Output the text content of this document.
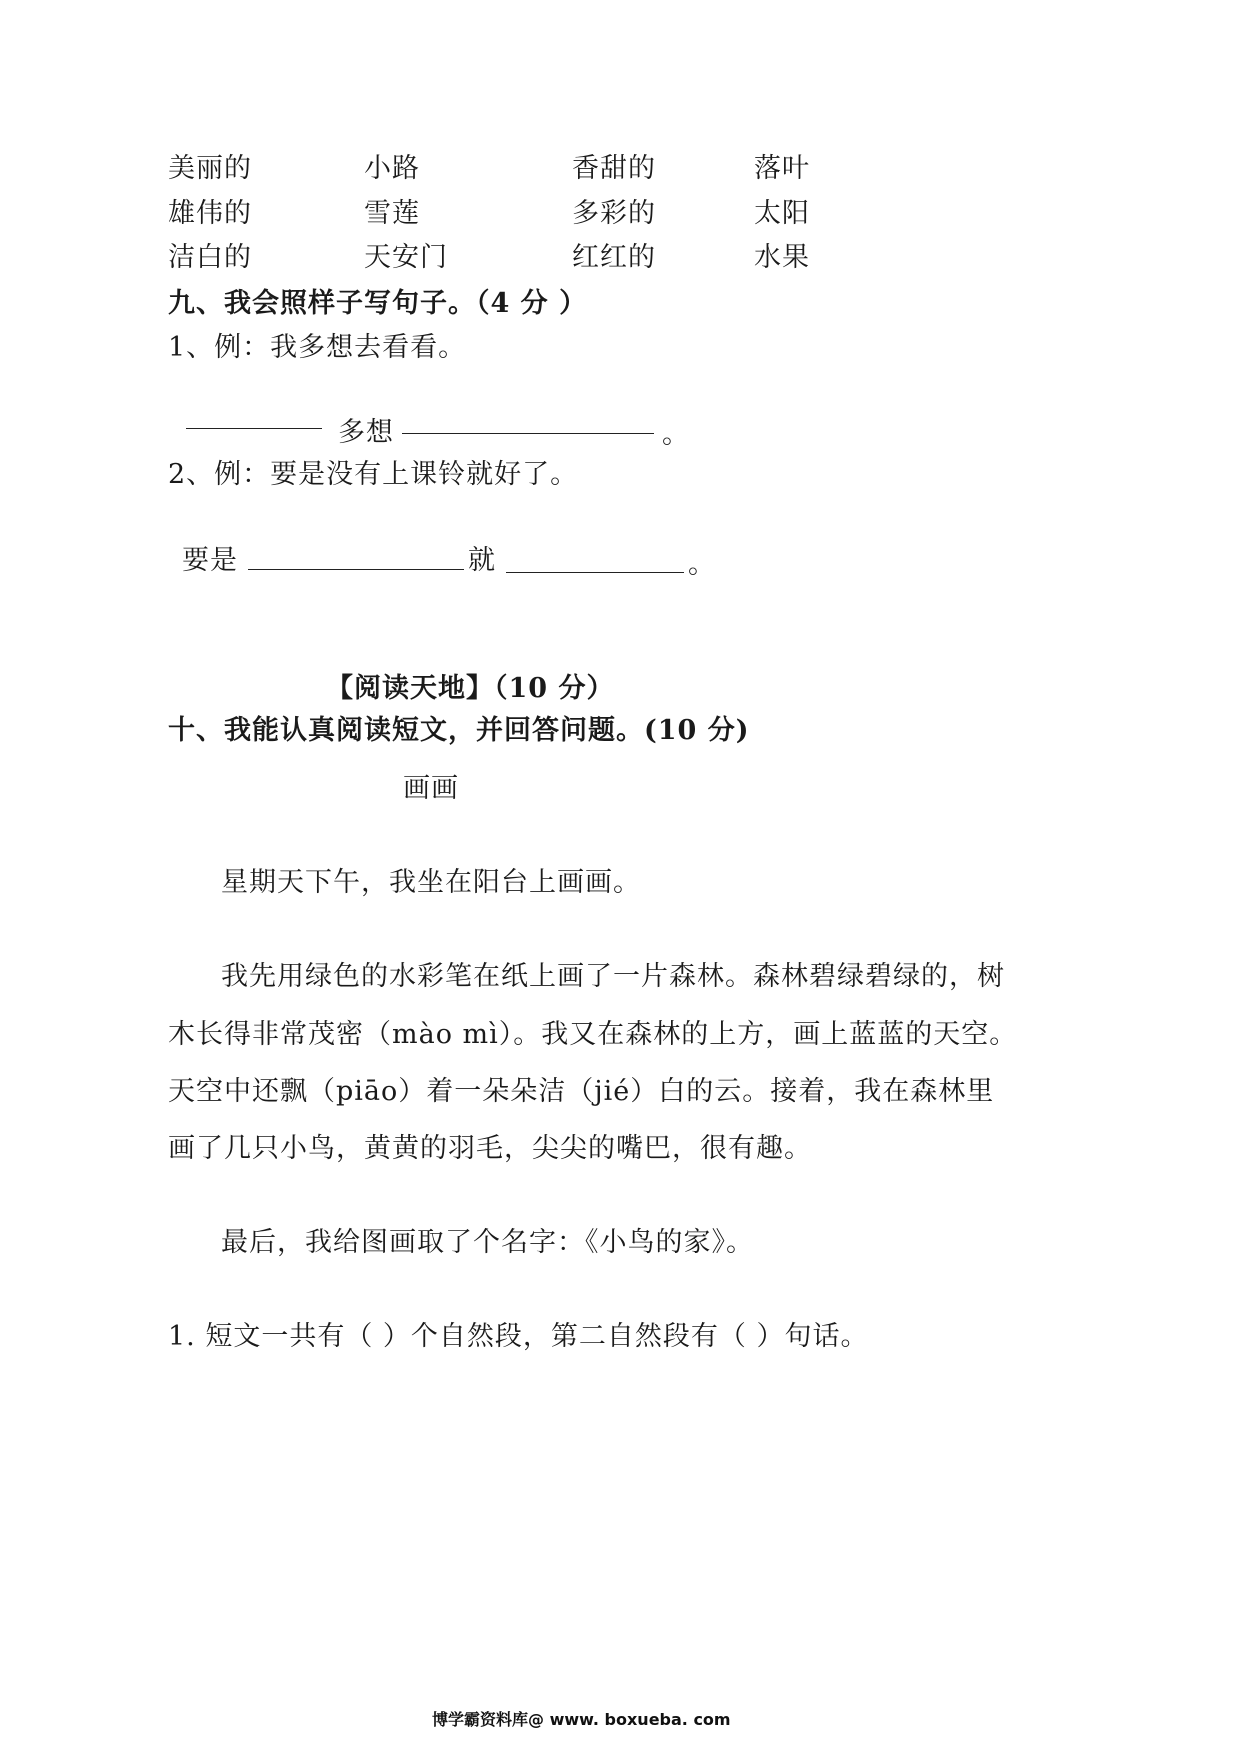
美丽的	小路	香甜的	落叶
雄伟的	雪莲	多彩的	太阳
洁白的	天安门	红红的	水果
九、我会照样子写句子。（4 分 ）
1、例：我多想去看看。
多想	。
2、例：要是没有上课铃就好了。
要是	就	。
【阅读天地】（10 分）
十、我能认真阅读短文，并回答问题。(10 分)
画画
星期天下午，我坐在阳台上画画。
我先用绿色的水彩笔在纸上画了一片森林。森林碧绿碧绿的，树
木长得非常茂密（mào mì）。我又在森林的上方，画上蓝蓝的天空。
天空中还飘（piāo）着一朵朵洁（jié）白的云。接着，我在森林里
画了几只小鸟，黄黄的羽毛，尖尖的嘴巴，很有趣。
最后，我给图画取了个名字：《小鸟的家》。
1. 短文一共有（ ）个自然段，第二自然段有（ ）句话。
博学霸资料库@ www. boxueba. com
